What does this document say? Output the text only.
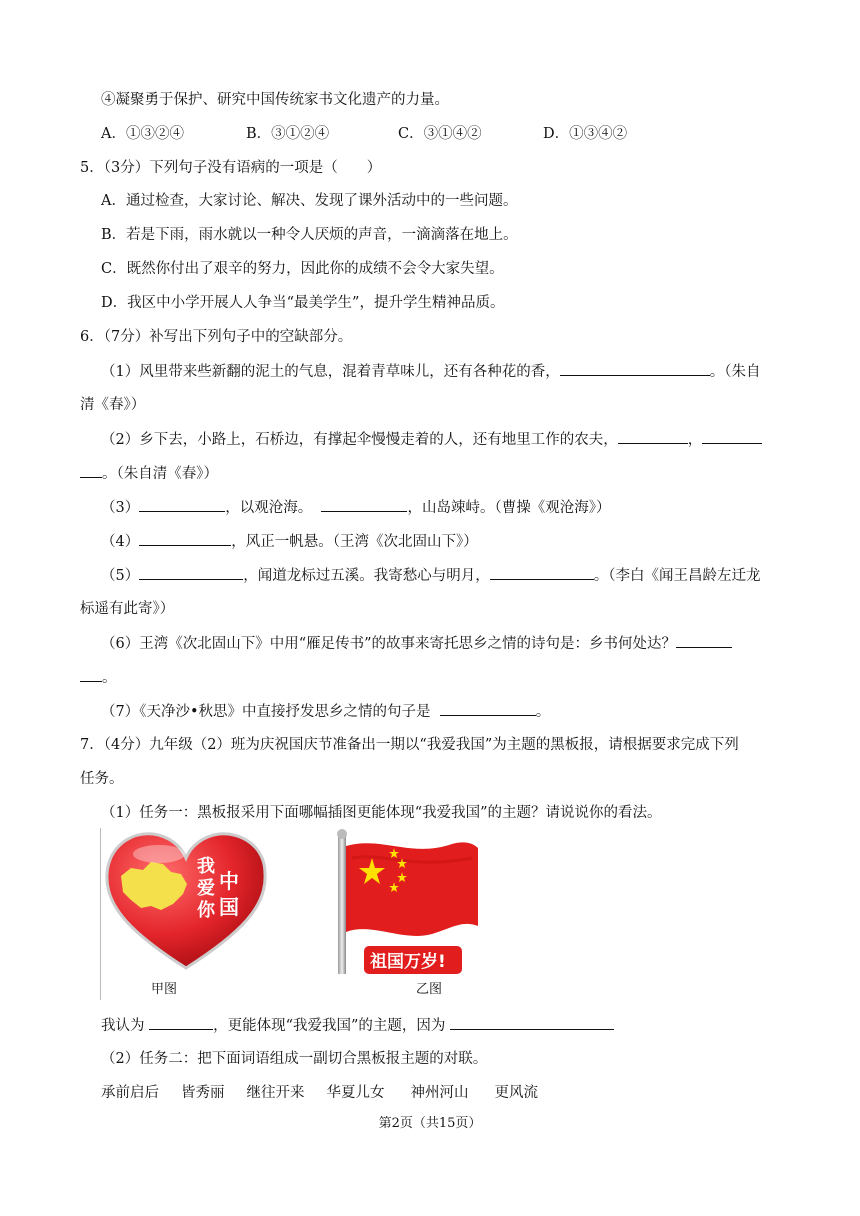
④凝聚勇于保护、研究中国传统家书文化遗产的力量。
A．①③②④	B．③①②④	C．③①④②	D．①③④②
5．（3分）下列句子没有语病的一项是（　　）
A．通过检查，大家讨论、解决、发现了课外活动中的一些问题。
B．若是下雨，雨水就以一种令人厌烦的声音，一滴滴落在地上。
C．既然你付出了艰辛的努力，因此你的成绩不会令大家失望。
D．我区中小学开展人人争当“最美学生”，提升学生精神品质。
6．（7分）补写出下列句子中的空缺部分。
（1）风里带来些新翻的泥土的气息，混着青草味儿，还有各种花的香，	。（朱自
清《春》）
（2）乡下去，小路上，石桥边，有撑起伞慢慢走着的人，还有地里工作的农夫，	，
。（朱自清《春》）
（3）	，以观沧海。	，山岛竦峙。（曹操《观沧海》）
（4）	，风正一帆悬。（王湾《次北固山下》）
（5）	，闻道龙标过五溪。我寄愁心与明月，	。（李白《闻王昌龄左迁龙
标遥有此寄》）
（6）王湾《次北固山下》中用“雁足传书”的故事来寄托思乡之情的诗句是：乡书何处达？
。
（7）《天净沙•秋思》中直接抒发思乡之情的句子是	。
7．（4分）九年级（2）班为庆祝国庆节准备出一期以“我爱我国”为主题的黑板报，请根据要求完成下列
任务。
（1）任务一：黑板报采用下面哪幅插图更能体现“我爱我国”的主题？请说说你的看法。
我
爱
你
中
国
甲图
祖国万岁!
乙图
我认为	，更能体现“我爱我国”的主题，因为
（2）任务二：把下面词语组成一副切合黑板报主题的对联。
承前启后 皆秀丽 继往开来 华夏儿女 神州河山 更风流
第2页（共15页）
